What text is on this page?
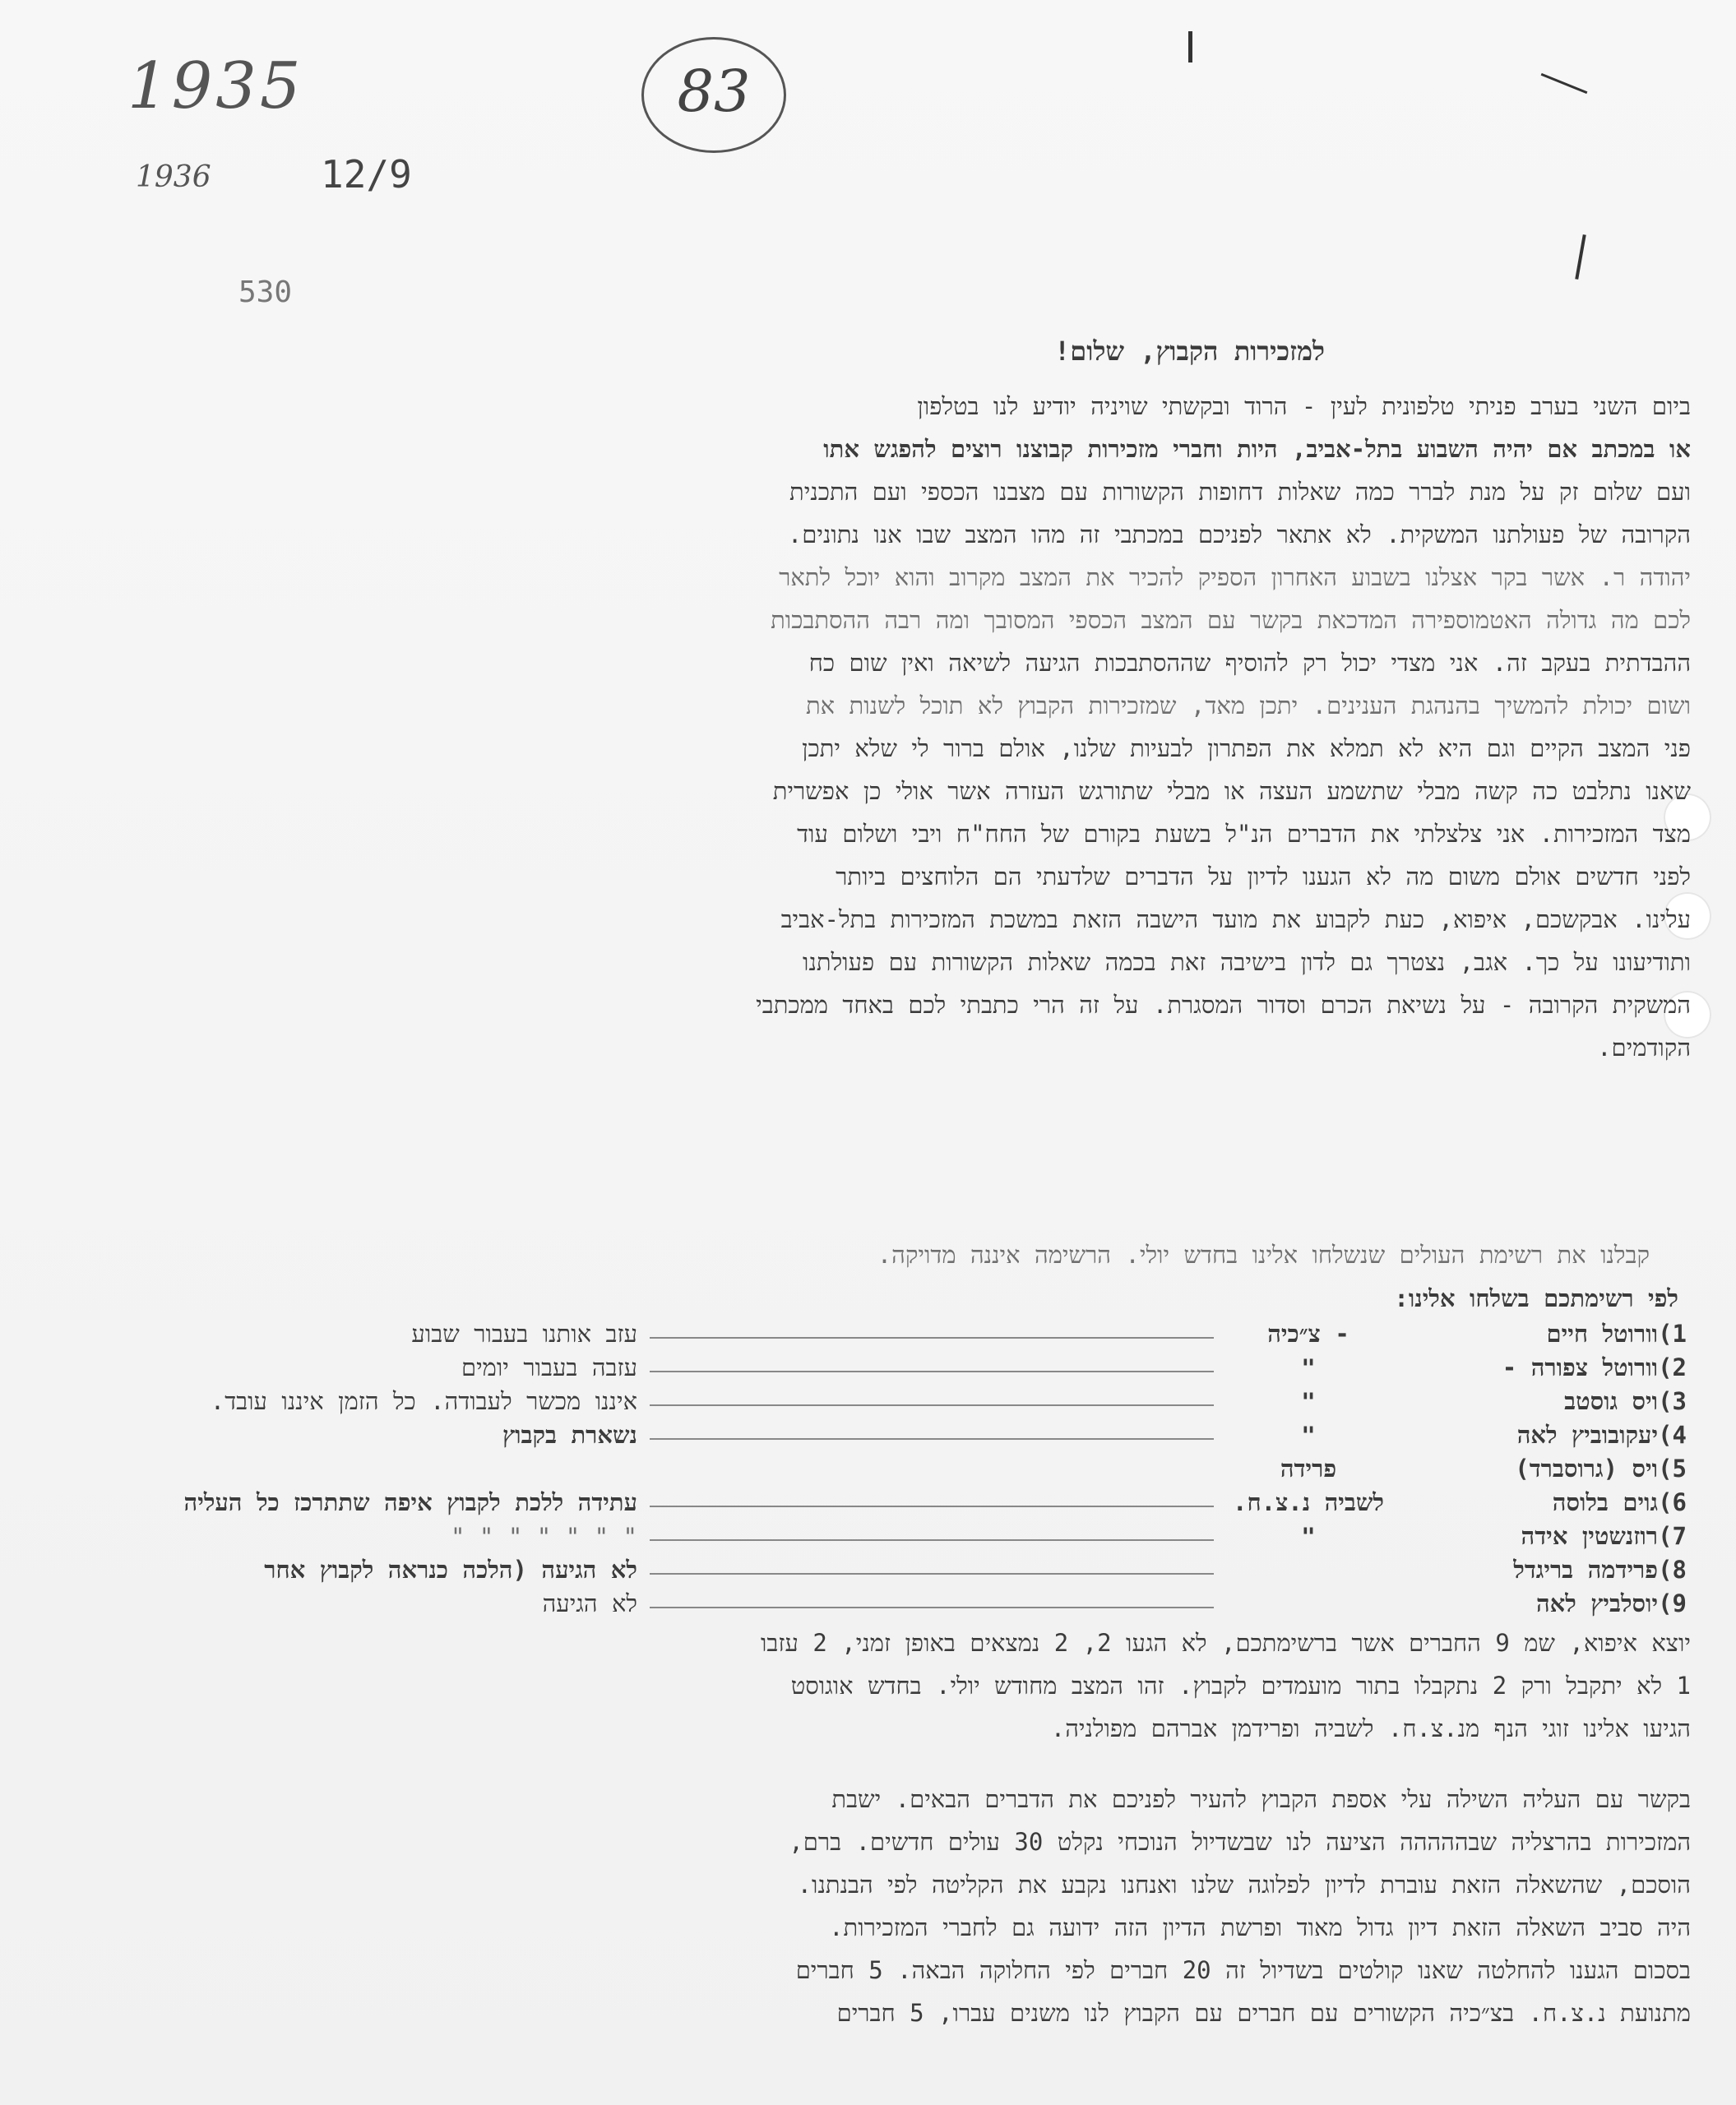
1935
1936	12/9
530
83
למזכירות הקבוץ, שלום!

ביום השני בערב פניתי טלפונית לעין - הרוד ובקשתי שויניה יודיע לנו בטלפון

או במכתב אם יהיה השבוע בתל-אביב, היות וחברי מזכירות קבוצנו רוצים להפגש אתו

ועם שלום זק על מנת לברר כמה שאלות דחופות הקשורות עם מצבנו הכספי ועם התכנית

הקרובה של פעולתנו המשקית. לא אתאר לפניכם במכתבי זה מהו המצב שבו אנו נתונים.

יהודה ר. אשר בקר אצלנו בשבוע האחרון הספיק להכיר את המצב מקרוב והוא יוכל לתאר

לכם מה גדולה האטמוספירה המדכאת בקשר עם המצב הכספי המסובך ומה רבה ההסתבכות

ההבדתית בעקב זה. אני מצדי יכול רק להוסיף שההסתבכות הגיעה לשיאה ואין שום כח

ושום יכולת להמשיך בהנהגת הענינים. יתכן מאד, שמזכירות הקבוץ לא תוכל לשנות את

פני המצב הקיים וגם היא לא תמלא את הפתרון לבעיות שלנו, אולם ברור לי שלא יתכן

שאנו נתלבט כה קשה מבלי שתשמע העצה או מבלי שתורגש העזרה אשר אולי כן אפשרית

מצד המזכירות. אני צלצלתי את הדברים הנ"ל בשעת בקורם של החח"ח ויבי ושלום עוד

לפני חדשים אולם משום מה לא הגענו לדיון על הדברים שלדעתי הם הלוחצים ביותר

עלינו. אבקשכם, איפוא, כעת לקבוע את מועד הישבה הזאת במשכת המזכירות בתל-אביב

ותודיעונו על כך. אגב, נצטרך גם לדון בישיבה זאת בכמה שאלות הקשורות עם פעולתנו

המשקית הקרובה - על נשיאת הכרם וסדור המסגרת. על זה הרי כתבתי לכם באחד ממכתבי

הקודמים.

קבלנו את רשימת העולים שנשלחו אלינו בחדש יולי. הרשימה איננה מדויקה.

לפי רשימתכם בשלחו אלינו:
1)וורוטל חיים
- צ״כיה
עזב אותנו בעבור שבוע
2)וורוטל צפורה -
"
עזבה בעבור יומים
3)ויס גוסטב
"
איננו מכשר לעבודה. כל הזמן איננו עובד.
4)יעקובוביץ לאה
"
נשארת בקבוץ
5)ויס (גרוסברד)
פרידה
6)גוים בלוסה
לשביה נ.צ.ח.
עתידה ללכת לקבוץ איפה שתתרכז כל העליה
7)רוזנשטין אידה
"
" " " " " " "
8)פרידמה בריגדל
לא הגיעה (הלכה כנראה לקבוץ אחר
9)יוסלביץ לאה
לא הגיעה

יוצא איפוא, שמ 9 החברים אשר ברשימתכם, לא הגעו 2, 2 נמצאים באופן זמני, 2 עזבו

1 לא יתקבל ורק 2 נתקבלו בתור מועמדים לקבוץ. זהו המצב מחודש יולי. בחדש אוגוסט

הגיעו אלינו זוגי הנף מנ.צ.ח. לשביה ופרידמן אברהם מפולניה.

בקשר עם העליה השילה עלי אספת הקבוץ להעיר לפניכם את הדברים הבאים. ישבת

המזכירות בהרצליה שבההההה הציעה לנו שבשדיול הנוכחי נקלט 30 עולים חדשים. ברם,

הוסכם, שהשאלה הזאת עוברת לדיון לפלוגה שלנו ואנחנו נקבע את הקליטה לפי הבנתנו.

היה סביב השאלה הזאת דיון גדול מאוד ופרשת הדיון הזה ידועה גם לחברי המזכירות.

בסכום הגענו להחלטה שאנו קולטים בשדיול זה 20 חברים לפי החלוקה הבאה. 5 חברים

מתנועת נ.צ.ח. בצ״כיה הקשורים עם חברים עם הקבוץ לנו משנים עברו, 5 חברים
